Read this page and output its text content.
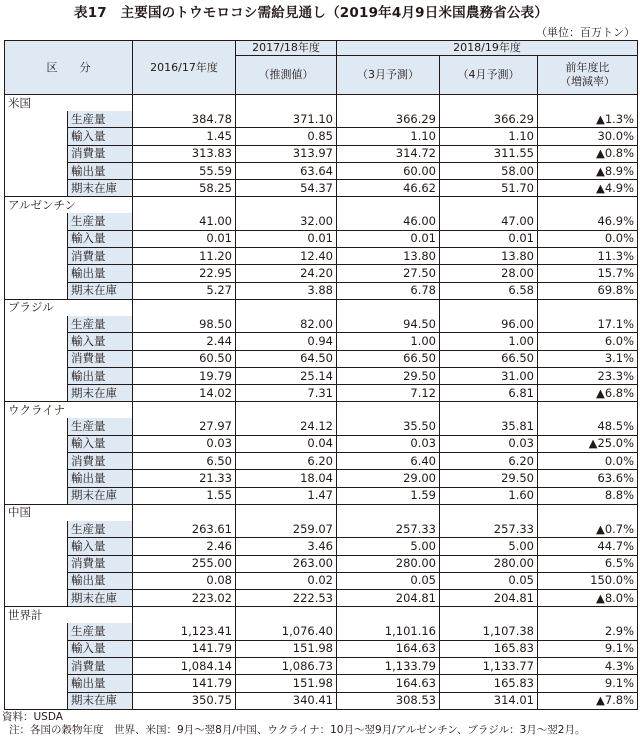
表17　主要国のトウモロコシ需給見通し（2019年4月9日米国農務省公表）
（単位：百万トン）
区　　分		2016/17年度	2017/18年度	2018/19年度		
			（推測値）	（3月予測）	（4月予測）	前年度比
（増減率）
米国						
	生産量	384.78	371.10	366.29	366.29	▲1.3%
	輸入量	1.45	0.85	1.10	1.10	30.0%
	消費量	313.83	313.97	314.72	311.55	▲0.8%
	輸出量	55.59	63.64	60.00	58.00	▲8.9%
	期末在庫	58.25	54.37	46.62	51.70	▲4.9%
アルゼンチン						
	生産量	41.00	32.00	46.00	47.00	46.9%
	輸入量	0.01	0.01	0.01	0.01	0.0%
	消費量	11.20	12.40	13.80	13.80	11.3%
	輸出量	22.95	24.20	27.50	28.00	15.7%
	期末在庫	5.27	3.88	6.78	6.58	69.8%
ブラジル						
	生産量	98.50	82.00	94.50	96.00	17.1%
	輸入量	2.44	0.94	1.00	1.00	6.0%
	消費量	60.50	64.50	66.50	66.50	3.1%
	輸出量	19.79	25.14	29.50	31.00	23.3%
	期末在庫	14.02	7.31	7.12	6.81	▲6.8%
ウクライナ						
	生産量	27.97	24.12	35.50	35.81	48.5%
	輸入量	0.03	0.04	0.03	0.03	▲25.0%
	消費量	6.50	6.20	6.40	6.20	0.0%
	輸出量	21.33	18.04	29.00	29.50	63.6%
	期末在庫	1.55	1.47	1.59	1.60	8.8%
中国						
	生産量	263.61	259.07	257.33	257.33	▲0.7%
	輸入量	2.46	3.46	5.00	5.00	44.7%
	消費量	255.00	263.00	280.00	280.00	6.5%
	輸出量	0.08	0.02	0.05	0.05	150.0%
	期末在庫	223.02	222.53	204.81	204.81	▲8.0%
世界計						
	生産量	1,123.41	1,076.40	1,101.16	1,107.38	2.9%
	輸入量	141.79	151.98	164.63	165.83	9.1%
	消費量	1,084.14	1,086.73	1,133.79	1,133.77	4.3%
	輸出量	141.79	151.98	164.63	165.83	9.1%
	期末在庫	350.75	340.41	308.53	314.01	▲7.8%
資料：USDA
注：各国の穀物年度　世界、米国：9月～翌8月/中国、ウクライナ：10月～翌9月/アルゼンチン、ブラジル：3月～翌2月。
